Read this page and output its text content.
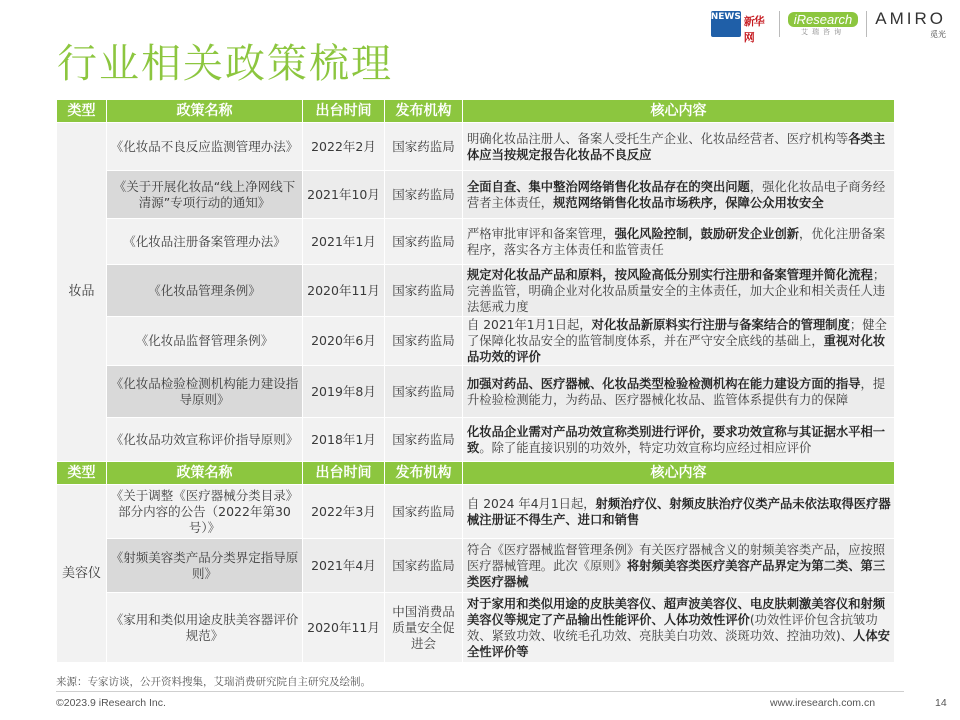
NEWS 新华网
iResearch
艾瑞咨询
AMIRO
觅光
行业相关政策梳理
类型	政策名称	出台时间	发布机构	核心内容
妆品	《化妆品不良反应监测管理办法》	2022年2月	国家药监局	明确化妆品注册人、备案人受托生产企业、化妆品经营者、医疗机构等各类主体应当按规定报告化妆品不良反应
	《关于开展化妆品“线上净网线下清源”专项行动的通知》	2021年10月	国家药监局	全面自查、集中整治网络销售化妆品存在的突出问题，强化化妆品电子商务经营者主体责任，规范网络销售化妆品市场秩序，保障公众用妆安全
	《化妆品注册备案管理办法》	2021年1月	国家药监局	严格审批审评和备案管理，强化风险控制，鼓励研发企业创新，优化注册备案程序，落实各方主体责任和监管责任
	《化妆品管理条例》	2020年11月	国家药监局	规定对化妆品产品和原料，按风险高低分别实行注册和备案管理并简化流程；完善监管，明确企业对化妆品质量安全的主体责任，加大企业和相关责任人违法惩戒力度
	《化妆品监督管理条例》	2020年6月	国家药监局	自 2021年1月1日起，对化妆品新原料实行注册与备案结合的管理制度；健全了保障化妆品安全的监管制度体系，并在严守安全底线的基础上，重视对化妆品功效的评价
	《化妆品检验检测机构能力建设指导原则》	2019年8月	国家药监局	加强对药品、医疗器械、化妆品类型检验检测机构在能力建设方面的指导，提升检验检测能力，为药品、医疗器械化妆品、监管体系提供有力的保障
	《化妆品功效宣称评价指导原则》	2018年1月	国家药监局	化妆品企业需对产品功效宣称类别进行评价，要求功效宣称与其证据水平相一致。除了能直接识别的功效外，特定功效宣称均应经过相应评价
类型	政策名称	出台时间	发布机构	核心内容
美容仪	《关于调整《医疗器械分类目录》部分内容的公告（2022年第30号）》	2022年3月	国家药监局	自 2024 年4月1日起，射频治疗仪、射频皮肤治疗仪类产品未依法取得医疗器械注册证不得生产、进口和销售
	《射频美容类产品分类界定指导原则》	2021年4月	国家药监局	符合《医疗器械监督管理条例》有关医疗器械含义的射频美容类产品，应按照医疗器械管理。此次《原则》将射频美容类医疗美容产品界定为第二类、第三类医疗器械
	《家用和类似用途皮肤美容器评价规范》	2020年11月	中国消费品质量安全促进会	对于家用和类似用途的皮肤美容仪、超声波美容仪、电皮肤刺激美容仪和射频美容仪等规定了产品输出性能评价、人体功效性评价(功效性评价包含抗皱功效、紧致功效、收统毛孔功效、亮肤美白功效、淡斑功效、控油功效)、人体安全性评价等
来源：专家访谈，公开资料搜集，艾瑞消费研究院自主研究及绘制。
©2023.9 iResearch Inc.	www.iresearch.com.cn	14
